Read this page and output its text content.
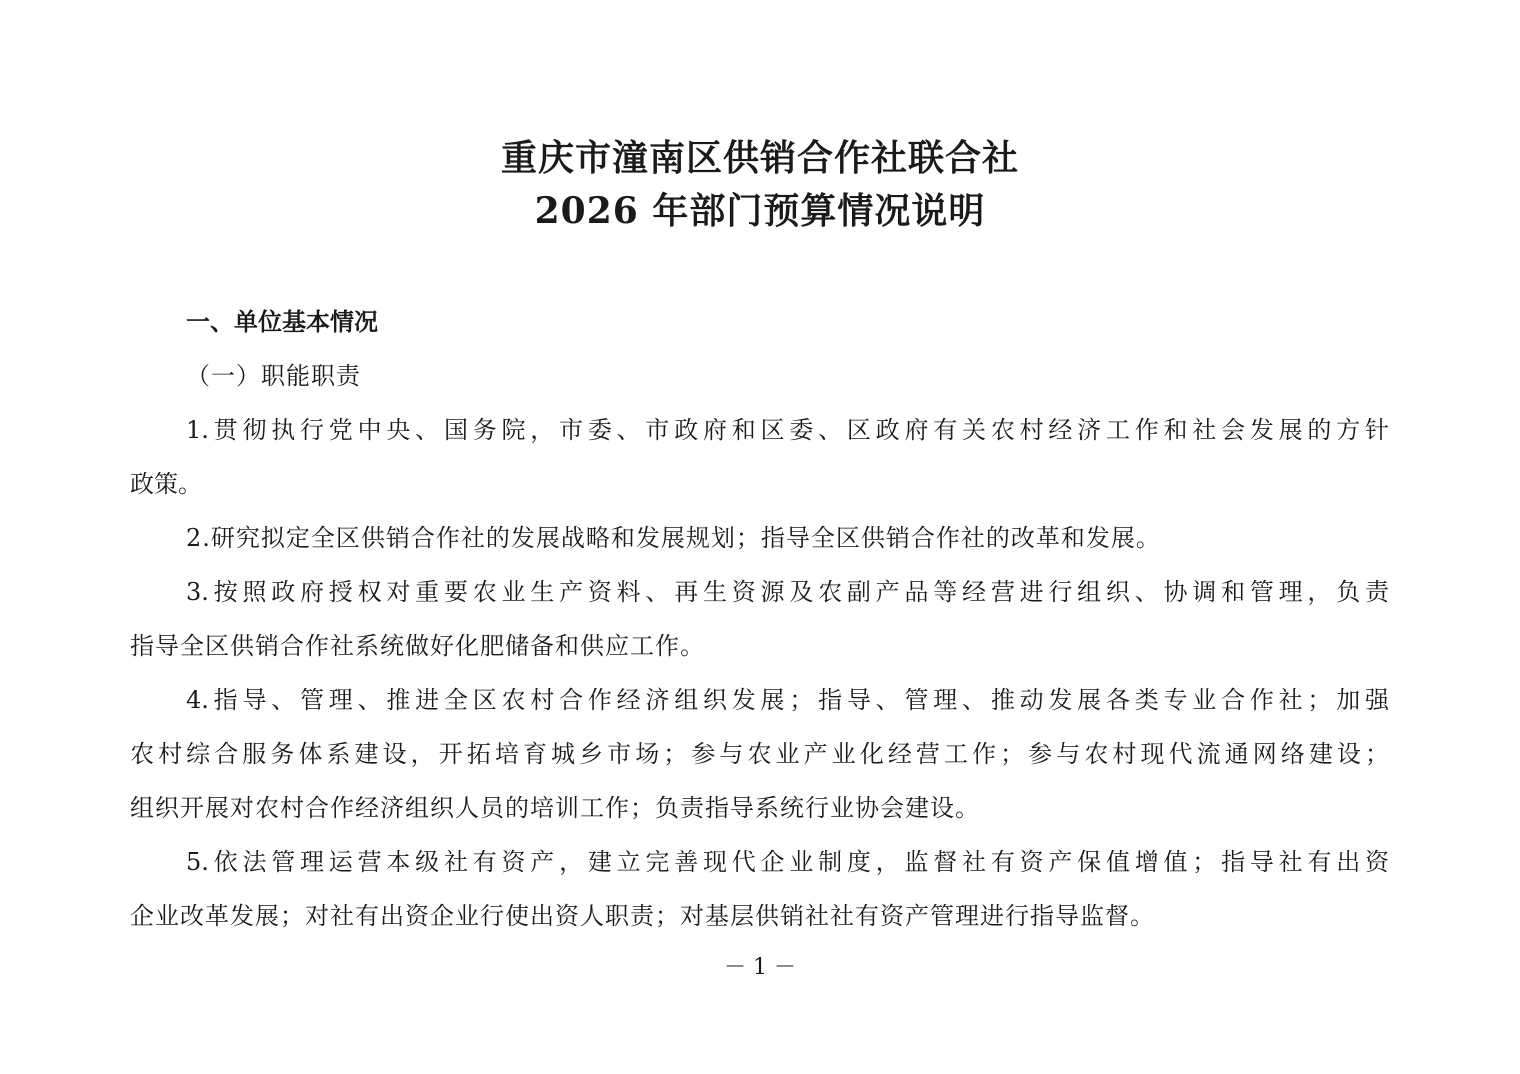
重庆市潼南区供销合作社联合社
2026 年部门预算情况说明
一、单位基本情况
（一）职能职责
1.贯彻执行党中央、国务院，市委、市政府和区委、区政府有关农村经济工作和社会发展的方针
政策。
2.研究拟定全区供销合作社的发展战略和发展规划；指导全区供销合作社的改革和发展。
3.按照政府授权对重要农业生产资料、再生资源及农副产品等经营进行组织、协调和管理，负责
指导全区供销合作社系统做好化肥储备和供应工作。
4.指导、管理、推进全区农村合作经济组织发展；指导、管理、推动发展各类专业合作社；加强
农村综合服务体系建设，开拓培育城乡市场；参与农业产业化经营工作；参与农村现代流通网络建设；
组织开展对农村合作经济组织人员的培训工作；负责指导系统行业协会建设。
5.依法管理运营本级社有资产，建立完善现代企业制度，监督社有资产保值增值；指导社有出资
企业改革发展；对社有出资企业行使出资人职责；对基层供销社社有资产管理进行指导监督。
－ 1 －
